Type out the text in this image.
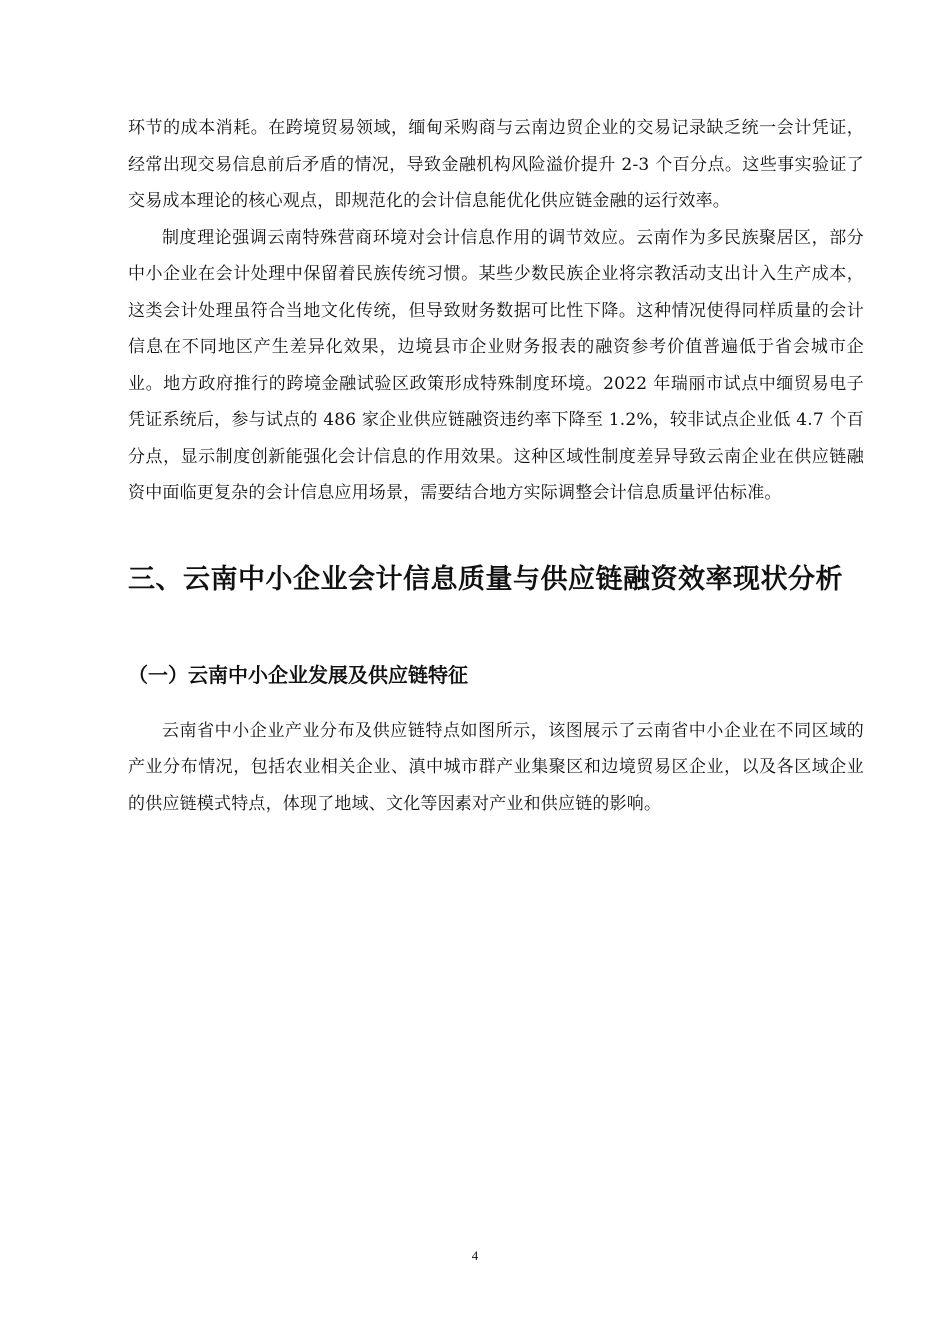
环节的成本消耗。在跨境贸易领域，缅甸采购商与云南边贸企业的交易记录缺乏统一会计凭证，经常出现交易信息前后矛盾的情况，导致金融机构风险溢价提升 2-3 个百分点。这些事实验证了交易成本理论的核心观点，即规范化的会计信息能优化供应链金融的运行效率。

制度理论强调云南特殊营商环境对会计信息作用的调节效应。云南作为多民族聚居区，部分中小企业在会计处理中保留着民族传统习惯。某些少数民族企业将宗教活动支出计入生产成本，这类会计处理虽符合当地文化传统，但导致财务数据可比性下降。这种情况使得同样质量的会计信息在不同地区产生差异化效果，边境县市企业财务报表的融资参考价值普遍低于省会城市企业。地方政府推行的跨境金融试验区政策形成特殊制度环境。2022 年瑞丽市试点中缅贸易电子凭证系统后，参与试点的 486 家企业供应链融资违约率下降至 1.2%，较非试点企业低 4.7 个百分点，显示制度创新能强化会计信息的作用效果。这种区域性制度差异导致云南企业在供应链融资中面临更复杂的会计信息应用场景，需要结合地方实际调整会计信息质量评估标准。

三、云南中小企业会计信息质量与供应链融资效率现状分析
（一）云南中小企业发展及供应链特征

云南省中小企业产业分布及供应链特点如图所示，该图展示了云南省中小企业在不同区域的产业分布情况，包括农业相关企业、滇中城市群产业集聚区和边境贸易区企业，以及各区域企业的供应链模式特点，体现了地域、文化等因素对产业和供应链的影响。

4
